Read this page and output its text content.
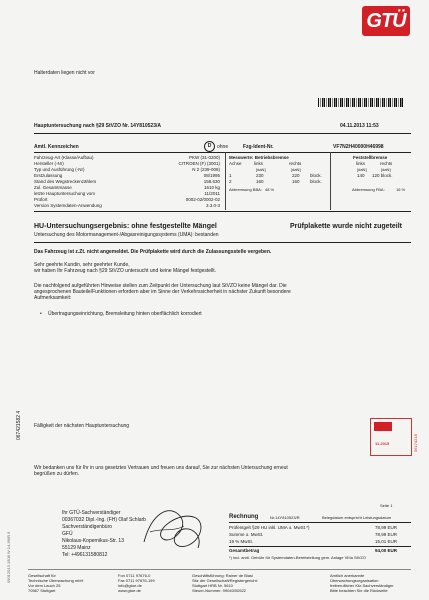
GTÜ
Halterdaten liegen nicht vor
Hauptuntersuchung nach §29 StVZO Nr. 14Y810523/A	04.11.2013 11:53
Amtl. Kennzeichen	D	ohne	Fzg-Ident-Nr.	VF7N2H40000H46998
Fahrzeug-Art (Klasse/Aufbau)	PKW (31-0200)
Hersteller (-Nr)	CITROEN (F) (3001)
Typ und Ausführung (-Nr)	N 2 (239-008)
Erstzulassung	08/1995
Stand des Wegstreckenzählers	158.630
Zul. Gesamtmasse	1610 kg
letzte Hauptuntersuchung vom	11/2011
Prüfort	0002-02/0002-02
Version Systemdaten-Anwendung	3.3.0-3
Messwerte: Betriebsbremse
Achse	links	rechts
[daN]	[daN]
1	230	220 block.
2	160	160 block.
Abbremsung BBA: 48 %
Feststellbremse
links	rechts
[daN]	[daN]
140 120 block.
Abbremsung FBA:	16 %
HU-Untersuchungsergebnis: ohne festgestellte Mängel	Prüfplakette wurde nicht zugeteilt
Untersuchung des Motormanagement-/Abgasreinigungssystems (UMA): bestanden
Das Fahrzeug ist z.Zt. nicht angemeldet. Die Prüfplakette wird durch die Zulassungsstelle vergeben.
Sehr geehrte Kundin, sehr geehrter Kunde,
wir haben Ihr Fahrzeug nach §29 StVZO untersucht und keine Mängel festgestellt.
Die nachfolgend aufgeführten Hinweise stellen zum Zeitpunkt der Untersuchung laut StVZO keine Mängel dar. Die
angesprochenen Bauteile/Funktionen erfordern aber im Sinne der Verkehrssicherheit in nächster Zukunft besondere
Aufmerksamkeit:
• Übertragungseinrichtung, Bremsleitung hinten oberflächlich korrodiert
067421582 4
09012013 1508 W 14-99/R 9
Fälligkeit der nächsten Hauptuntersuchung
11.2015	06174218
Wir bedanken uns für Ihr in uns gesetztes Vertrauen und freuen uns darauf, Sie zur nächsten Untersuchung erneut
begrüßen zu dürfen.
Ihr GTÜ-Sachverständiger
00367032 Dipl.-Ing. (FH) Olaf Schlarb
Sachverständigenbüro
GFÜ
Nikolaus-Kopernikus-Str. 13
55129 Mainz
Tel: +496131580812
Seite 1
Rechnung	Nr.14Y810523/R	Belegdatum entspricht Leistungsdatum
Prüfentgelt §29 HU inkl. UMA o. MwSt.*)	78,99 EUR
Summe o. MwSt.	78,99 EUR
19 % MwSt.	15,01 EUR
Gesamtbetrag	94,00 EUR
*) incl. amtl. Gebühr für Systemdaten-Bereitstellung gem. Anlage VIIIa StVZO
Gesellschaft für
Technische Überwachung mbH
Vor dem Lauch 25
70567 Stuttgart
Fon 0711 97676-0
Fax 0711 97676-199
info@gtue.de
www.gtue.de
Geschäftsführung: Rainer de Biasi
Sitz der Gesellschaft/Registergericht:
Stuttgart HRB Nr. 5610
Steuer-Nummer: 99040/00522
Amtlich anerkannte
Überwachungsorganisation
freiberuflicher Kfz-Sachverständiger
Bitte beachten Sie die Rückseite
